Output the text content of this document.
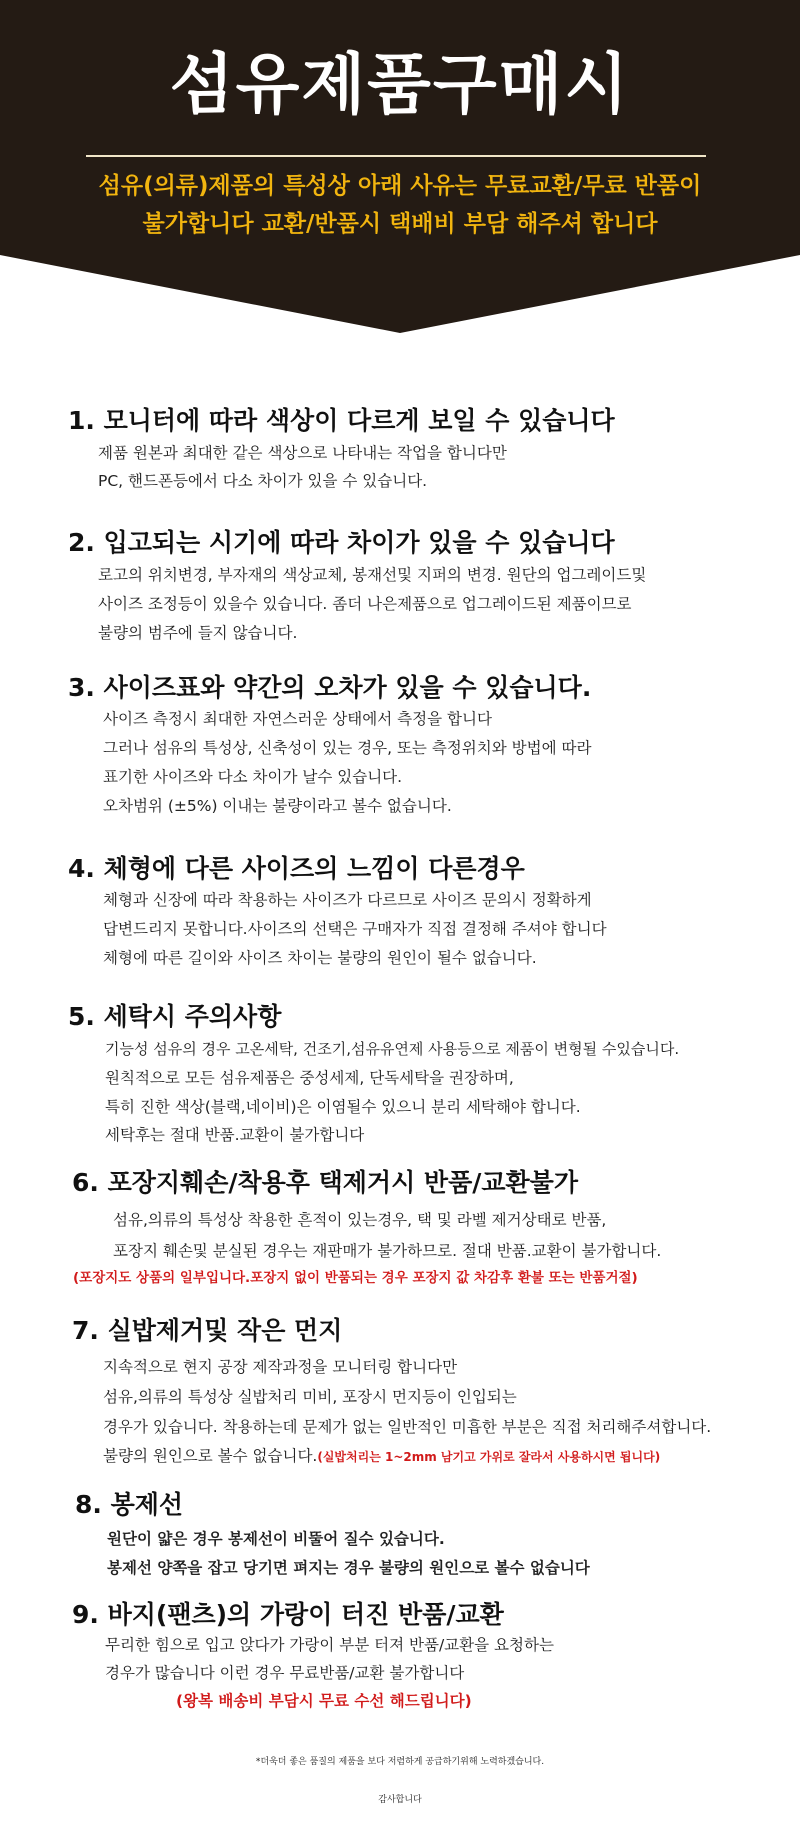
섬유제품구매시
섬유(의류)제품의 특성상 아래 사유는 무료교환/무료 반품이
불가합니다 교환/반품시 택배비 부담 해주셔 합니다
1. 모니터에 따라 색상이 다르게 보일 수 있습니다
제품 원본과 최대한 같은 색상으로 나타내는 작업을 합니다만
PC, 핸드폰등에서 다소 차이가 있을 수 있습니다.
2. 입고되는 시기에 따라 차이가 있을 수 있습니다
로고의 위치변경, 부자재의 색상교체, 봉재선및 지퍼의 변경. 원단의 업그레이드및
사이즈 조정등이 있을수 있습니다. 좀더 나은제품으로 업그레이드된 제품이므로
불량의 범주에 들지 않습니다.
3. 사이즈표와 약간의 오차가 있을 수 있습니다.
사이즈 측정시 최대한 자연스러운 상태에서 측정을 합니다
그러나 섬유의 특성상, 신축성이 있는 경우, 또는 측정위치와 방법에 따라
표기한 사이즈와 다소 차이가 날수 있습니다.
오차범위 (±5%) 이내는 불량이라고 볼수 없습니다.
4. 체형에 다른 사이즈의 느낌이 다른경우
체형과 신장에 따라 착용하는 사이즈가 다르므로 사이즈 문의시 정확하게
답변드리지 못합니다.사이즈의 선택은 구매자가 직접 결정해 주셔야 합니다
체형에 따른 길이와 사이즈 차이는 불량의 원인이 될수 없습니다.
5. 세탁시 주의사항
기능성 섬유의 경우 고온세탁, 건조기,섬유유연제 사용등으로 제품이 변형될 수있습니다.
원칙적으로 모든 섬유제품은 중성세제, 단독세탁을 권장하며,
특히 진한 색상(블랙,네이비)은 이염될수 있으니 분리 세탁해야 합니다.
세탁후는 절대 반품.교환이 불가합니다
6. 포장지훼손/착용후 택제거시 반품/교환불가
섬유,의류의 특성상 착용한 흔적이 있는경우, 택 및 라벨 제거상태로 반품,
포장지 훼손및 분실된 경우는 재판매가 불가하므로. 절대 반품.교환이 불가합니다.
(포장지도 상품의 일부입니다.포장지 없이 반품되는 경우 포장지 값 차감후 환불 또는 반품거절)
7. 실밥제거및 작은 먼지
지속적으로 현지 공장 제작과정을 모니터링 합니다만
섬유,의류의 특성상 실밥처리 미비, 포장시 먼지등이 인입되는
경우가 있습니다. 착용하는데 문제가 없는 일반적인 미흡한 부분은 직접 처리해주셔합니다.
불량의 원인으로 볼수 없습니다.(실밥처리는 1~2mm 남기고 가위로 잘라서 사용하시면 됩니다)
8. 봉제선
원단이 얇은 경우 봉제선이 비뚤어 질수 있습니다.
봉제선 양쪽을 잡고 당기면 펴지는 경우 불량의 원인으로 볼수 없습니다
9. 바지(팬츠)의 가랑이 터진 반품/교환
무리한 힘으로 입고 앉다가 가랑이 부분 터져 반품/교환을 요청하는
경우가 많습니다 이런 경우 무료반품/교환 불가합니다
(왕복 배송비 부담시 무료 수선 해드립니다)
*더욱더 좋은 품질의 제품을 보다 저렴하게 공급하기위해 노력하겠습니다.
감사합니다
